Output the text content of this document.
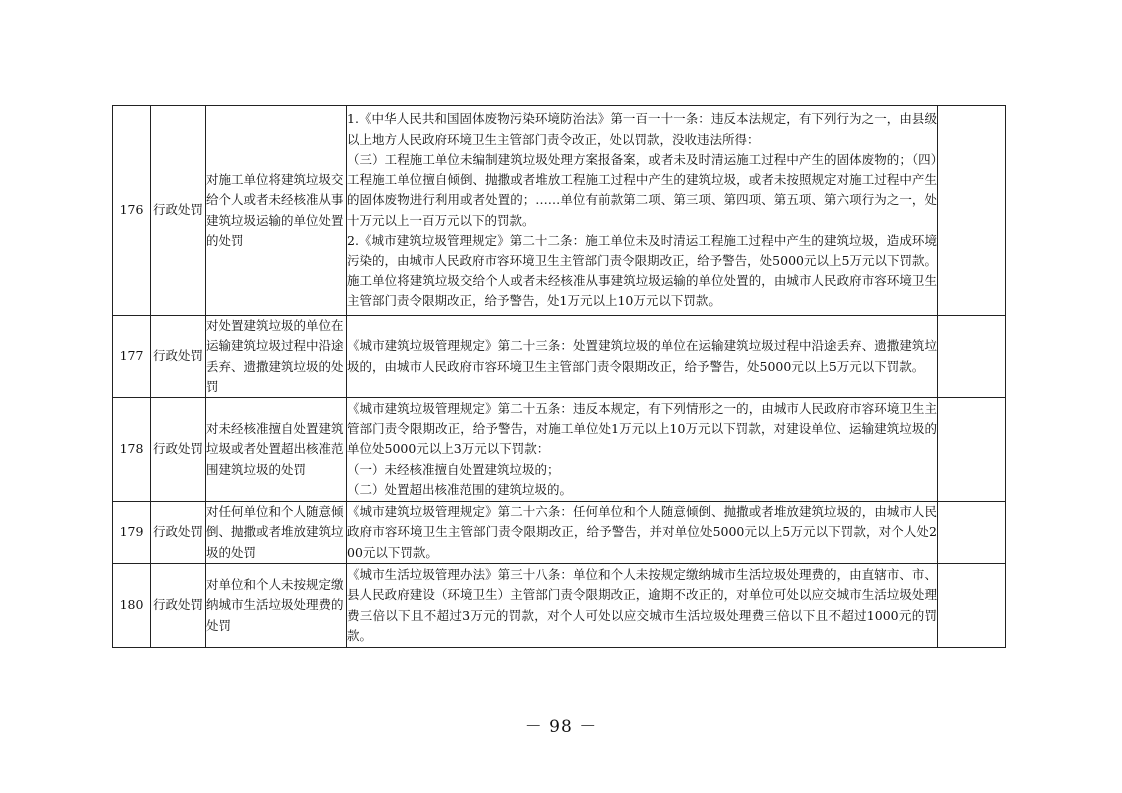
176	行政处罚	对施工单位将建筑垃圾交给个人或者未经核准从事建筑垃圾运输的单位处置的处罚	1.《中华人民共和国固体废物污染环境防治法》第一百一十一条：违反本法规定，有下列行为之一，由县级以上地方人民政府环境卫生主管部门责令改正，处以罚款，没收违法所得：
（三）工程施工单位未编制建筑垃圾处理方案报备案，或者未及时清运施工过程中产生的固体废物的；（四）工程施工单位擅自倾倒、抛撒或者堆放工程施工过程中产生的建筑垃圾，或者未按照规定对施工过程中产生的固体废物进行利用或者处置的；……单位有前款第二项、第三项、第四项、第五项、第六项行为之一，处十万元以上一百万元以下的罚款。
2.《城市建筑垃圾管理规定》第二十二条：施工单位未及时清运工程施工过程中产生的建筑垃圾，造成环境污染的，由城市人民政府市容环境卫生主管部门责令限期改正，给予警告，处5000元以上5万元以下罚款。施工单位将建筑垃圾交给个人或者未经核准从事建筑垃圾运输的单位处置的，由城市人民政府市容环境卫生主管部门责令限期改正，给予警告，处1万元以上10万元以下罚款。	

177	行政处罚	对处置建筑垃圾的单位在运输建筑垃圾过程中沿途丢弃、遗撒建筑垃圾的处罚	《城市建筑垃圾管理规定》第二十三条：处置建筑垃圾的单位在运输建筑垃圾过程中沿途丢弃、遗撒建筑垃圾的，由城市人民政府市容环境卫生主管部门责令限期改正，给予警告，处5000元以上5万元以下罚款。	

178	行政处罚	对未经核准擅自处置建筑垃圾或者处置超出核准范围建筑垃圾的处罚	《城市建筑垃圾管理规定》第二十五条：违反本规定，有下列情形之一的，由城市人民政府市容环境卫生主管部门责令限期改正，给予警告，对施工单位处1万元以上10万元以下罚款，对建设单位、运输建筑垃圾的单位处5000元以上3万元以下罚款：
（一）未经核准擅自处置建筑垃圾的；
（二）处置超出核准范围的建筑垃圾的。	

179	行政处罚	对任何单位和个人随意倾倒、抛撒或者堆放建筑垃圾的处罚	《城市建筑垃圾管理规定》第二十六条：任何单位和个人随意倾倒、抛撒或者堆放建筑垃圾的，由城市人民政府市容环境卫生主管部门责令限期改正，给予警告，并对单位处5000元以上5万元以下罚款，对个人处200元以下罚款。	

180	行政处罚	对单位和个人未按规定缴纳城市生活垃圾处理费的处罚	《城市生活垃圾管理办法》第三十八条：单位和个人未按规定缴纳城市生活垃圾处理费的，由直辖市、市、县人民政府建设（环境卫生）主管部门责令限期改正，逾期不改正的，对单位可处以应交城市生活垃圾处理费三倍以下且不超过3万元的罚款，对个人可处以应交城市生活垃圾处理费三倍以下且不超过1000元的罚款。	

－ 98 －
